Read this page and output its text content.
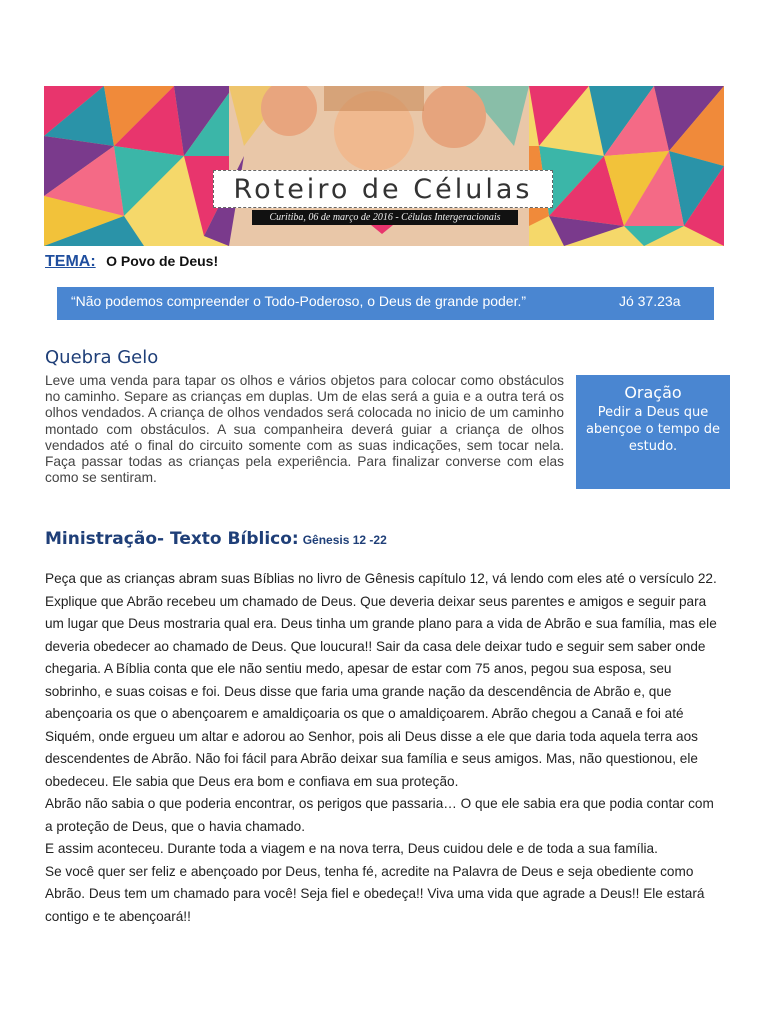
Roteiro de Células
Curitiba, 06 de março de 2016 - Células Intergeracionais
TEMA: O Povo de Deus!
“Não podemos compreender o Todo-Poderoso, o Deus de grande poder.”	Jó 37.23a
Quebra Gelo
Leve uma venda para tapar os olhos e vários objetos para colocar como obstáculos no caminho. Separe as crianças em duplas. Um de elas será a guia e a outra terá os olhos vendados. A criança de olhos vendados será colocada no inicio de um caminho montado com obstáculos. A sua companheira deverá guiar a criança de olhos vendados até o final do circuito somente com as suas indicações, sem tocar nela. Faça passar todas as crianças pela experiência. Para finalizar converse com elas como se sentiram.
Oração
Pedir a Deus que abençoe o tempo de estudo.
Ministração- Texto Bíblico: Gênesis 12 -22

Peça que as crianças abram suas Bíblias no livro de Gênesis capítulo 12, vá lendo com eles até o versículo 22. Explique que Abrão recebeu um chamado de Deus. Que deveria deixar seus parentes e amigos e seguir para um lugar que Deus mostraria qual era. Deus tinha um grande plano para a vida de Abrão e sua família, mas ele deveria obedecer ao chamado de Deus. Que loucura!! Sair da casa dele deixar tudo e seguir sem saber onde chegaria. A Bíblia conta que ele não sentiu medo, apesar de estar com 75 anos, pegou sua esposa, seu sobrinho, e suas coisas e foi. Deus disse que faria uma grande nação da descendência de Abrão e, que abençoaria os que o abençoarem e amaldiçoaria os que o amaldiçoarem. Abrão chegou a Canaã e foi até Siquém, onde ergueu um altar e adorou ao Senhor, pois ali Deus disse a ele que daria toda aquela terra aos descendentes de Abrão. Não foi fácil para Abrão deixar sua família e seus amigos. Mas, não questionou, ele obedeceu. Ele sabia que Deus era bom e confiava em sua proteção.

Abrão não sabia o que poderia encontrar, os perigos que passaria… O que ele sabia era que podia contar com a proteção de Deus, que o havia chamado.

E assim aconteceu. Durante toda a viagem e na nova terra, Deus cuidou dele e de toda a sua família.

Se você quer ser feliz e abençoado por Deus, tenha fé, acredite na Palavra de Deus e seja obediente como Abrão. Deus tem um chamado para você! Seja fiel e obedeça!! Viva uma vida que agrade a Deus!! Ele estará contigo e te abençoará!!
